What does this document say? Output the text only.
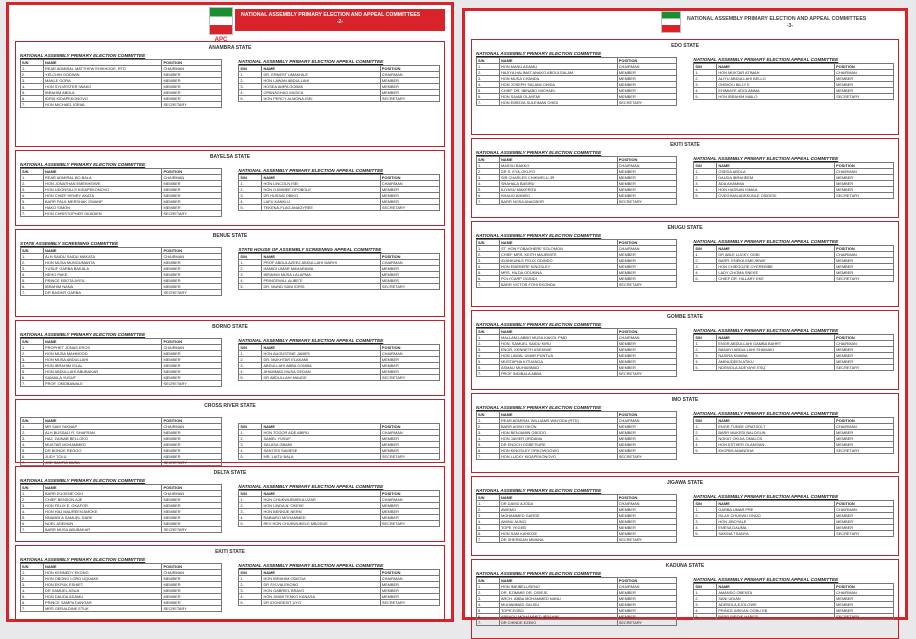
APC
NATIONAL ASSEMBLY PRIMARY ELECTION AND APPEAL COMMITTEES
-2-
ANAMBRA STATE
NATIONAL ASSEMBLY PRIMARY ELECTION COMMITTEE
S/N	NAME	POSITION
1.	REAR ADMIRAL MATTHEW EHIKHODE, RTD	CHAIRMAN
2.	YELCHIN GODWIN	MEMBER
3.	MAKLE GORA	MEMBER
4.	HON SYLVESTER IWAKO	MEMBER
5.	IBRAHIM ABDUL	MEMBER
6.	IDRIS KIDAPEKONOVO	MEMBER
7.	HON MICHAEL IDRIAL	SECRETARY
NATIONAL ASSEMBLY PRIMARY ELECTION APPEAL COMMITTEE
S/N	NAME	POSITION
1.	DR. ERNEST UMAKHILE	CHAIRMAN
2.	HON LAWAN ABDULLAHI	MEMBER
3.	HOSEA AMPA GOBAK	MEMBER
4.	OPANAGHAO MUSCA	MEMBER
5.	HON PERCY ALMONA-ISEI	SECRETARY
BAYELSA STATE
NATIONAL ASSEMBLY PRIMARY ELECTION COMMITTEE
S/N	NAME	POSITION
1.	REAR ADMIRAL BO BALA	CHAIRMAN
2.	HON JONATHAN EMEKHEIWE	MEMBER
3.	HON UDONSILLS KIDAPEKONOVO	MEMBER
4.	HON CHIEF HENRY AKATA	MEMBER
5.	BARR PAUL MERSHAK GWANP	MEMBER
6.	HAKO SIMON	MEMBER
7.	HON CHRISTOPHER OKADIEN	SECRETARY
NATIONAL ASSEMBLY PRIMARY ELECTION APPEAL COMMITTEE
S/N	NAME	POSITION
1.	HON LINCOLN ISEI	CHAIRMAN
2.	HON OJIMMEE OPOBOLE	MEMBER
3.	DR HUSSAI OBIKO	MEMBER
4.	LAFU KANKLU	MEMBER
5.	TEKENA-FLAG ANAGYREE	SECRETARY
BENUE STATE
STATE ASSEMBLY SCREENING COMMITTEE
S/N	NAME	POSITION
1.	ALH SAIDU SAIDU MAKATA	CHAIRMAN
2.	HON MUSA MUNGUMANTA	MEMBER
3.	YUSUF GARBA BAKALA	MEMBER
4.	NEHO PAKE	MEMBER
5.	PRINCE EBOTA AYEIL	MEMBER
6.	IBRAHIM NANA	MEMBER
7.	DR BASHIR GARBA	SECRETARY
STATE HOUSE OF ASSEMBLY SCREENING APPEAL COMMITTEE
S/N	NAME	POSITION
1.	PROF ABDULAZEEZ ABDULLAHI MARHI	CHAIRMAN
2.	HAMIDI UMAR MAHARAWA	MEMBER
3.	IBRAHIM MUSA LALAPMA	MEMBER
4.	PRINCEWILL ALIBETI	MEMBER
5.	DR. MUND SANI IDRIS	SECRETARY
BORNO STATE
NATIONAL ASSEMBLY PRIMARY ELECTION COMMITTEE
S/N	NAME	POSITION
1.	PROPHET JONAS EROS	CHAIRMAN
2.	HON MUSA MAHMOOD	MEMBER
3.	HON MUSA ABDULLAHI	MEMBER
4.	HON IBRAHIM ISLAL	MEMBER
5.	HON ABDULLAHI ABUBAKAR	MEMBER
6.	SAMAILA YUSUF	MEMBER
7.	PROF. OMOBAWALE	SECRETARY
NATIONAL ASSEMBLY PRIMARY ELECTION APPEAL COMMITTEE
S/N	NAME	POSITION
1.	HON AUGUSTINE JAMES	CHAIRMAN
2.	DR. MUKHTAR ELAKAMI	MEMBER
3.	ABDULLAHI ABBA GOMBA	MEMBER
4.	AHAMMAD MUSA GEDAM	MEMBER
5.	DR ABDULLAHI MAUDE	SECRETARY
CROSS RIVER STATE
S/N	NAME	POSITION
1.	MR SAM YAKNAP	CHAIRMAN
2.	ALH BUSSALI R. SHAFRAN	MEMBER
3.	HAJ. ZAINAB BELLOKO	MEMBER
4.	MUKTAR MOHAMMED	MEMBER
5.	DR BONGE REGGO	MEMBER
6.	JUDY TOLU	MEMBER
7.	JOE SANTIA MUSA	SECRETARY
S/N	NAME	POSITION
1.	HON TOGOR ADE ABIRU	CHAIRMAN
2.	SAMEL YUSUF	MEMBER
3.	SALASA GBAMI	MEMBER
4.	SANTISS SAMESE	MEMBER
5.	MR. LIATU BALA	SECRETARY
DELTA STATE
NATIONAL ASSEMBLY PRIMARY ELECTION COMMITTEE
S/N	NAME	POSITION
1.	BARR EUGENE ODO	CHAIRMAN
2.	CHIEF BENSON AJE	MEMBER
3.	HON FELIX E. OKAFOR	MEMBER
4.	HON HAJ MAUREEN AMOKE	MEMBER
5.	NNAMDI A SAMUEL DARE	MEMBER
6.	NOEL ADEMUN	MEMBER
7.	BARR MUSA ABUBAKAR	SECRETARY
NATIONAL ASSEMBLY PRIMARY ELECTION APPEAL COMMITTEE
S/N	NAME	POSITION
1.	HON CHUKWUEMEKA UZAR	CHAIRMAN
2.	HON LINDA N. OKEKE	MEMBER
3.	HON BENNUE NERN	MEMBER
4.	RABIARO MOHAMMED	MEMBER
5.	REV HON CHUKWUKELE MBODUE	SECRETARY
EKITI STATE
NATIONAL ASSEMBLY PRIMARY ELECTION COMMITTEE
S/N	NAME	POSITION
1.	HON KENNEDY EKONG	CHAIRMAN
2.	HON OBONG LORD UQUAKE	MEMBER
3.	HON EKPUK ESHIET	MEMBER
4.	DR SAMUEL ASUA	MEMBER
5.	HON DAUDA ADAMU	MEMBER
6.	PRINCE SAMPA DANGAR	MEMBER
7.	MRS GERALDINE ETUK	SECRETARY
NATIONAL ASSEMBLY PRIMARY ELECTION APPEAL COMMITTEE
S/N	NAME	POSITION
1.	HON IBRAHIM ODIEGA	CHAIRMAN
2.	DR SYLVIA EKONG	MEMBER
3.	HON GABRIEL BRAVO	MEMBER
4.	HON JIMMI TENKO KANASA	MEMBER
5.	DR IDONGESIT UYO	SECRETARY
NATIONAL ASSEMBLY PRIMARY ELECTION AND APPEAL COMMITTEES
-3-
EDO STATE
NATIONAL ASSEMBLY PRIMARY ELECTION COMMITTEE
S/N	NAME	POSITION
1.	HON MANU ADAMU	CHAIRMAN
2.	HAJIYA HALIMAT ANAKO ABDULSALAM	MEMBER
3.	HON MUSA CHANDA	MEMBER
4.	HON JOSEPH SALAMI OHIDA	MEMBER
5.	CHIEF DR. IBINABO MICHAEL	MEMBER
6.	HON SAIAB OLAYEMI	MEMBER
7.	HON EMEDIA SULEIMAN OHIDI	SECRETARY
NATIONAL ASSEMBLY PRIMARY ELECTION APPEAL COMMITTEE
S/N	NAME	POSITION
1.	HON MUKTAR ATIMAH	CHAIRMAN
2.	ALIYU ABDULLAHI BELLO	MEMBER
3.	OHIMOLI BILLY E	MEMBER
4.	EHIMIAYE ADOLAMMA	MEMBER
5.	HON IBRAHIM MAILO	SECRETARY
EKITI STATE
NATIONAL ASSEMBLY PRIMARY ELECTION COMMITTEE
S/N	NAME	POSITION
1.	MASSU BAKKO	CHAIRMAN
2.	DR S. EYA-OKUYO	MEMBER
3.	SIR CHARLES CHIKWELU JR	MEMBER
4.	SHAHALA BASIRU	MEMBER
5.	ILIYASU MAKERITA	MEMBER
6.	KHALID AHMED	MEMBER
7.	BARR NOSA ANAGBOR	SECRETARY
NATIONAL ASSEMBLY PRIMARY ELECTION APPEAL COMMITTEE
S/N	NAME	POSITION
1.	OSEDA ABOLA	CHAIRMAN
2.	DAUDA IBRAHEEM	MEMBER
3.	ADA AHAMMA	MEMBER
4.	HON HASSAN ISMAIL	MEMBER
5.	OVEGHAN ADEKUNLE OSIDESI	SECRETARY
ENUGU STATE
NATIONAL ASSEMBLY PRIMARY ELECTION COMMITTEE
S/N	NAME	POSITION
1.	ST. HON FOBAGHERE SOLOMON	CHAIRMAN
2.	CHIEF MRS. KEITH MAJEMITE	MEMBER
3.	AYANKUNLE FELIX ODINDO	MEMBER
4.	HON EMEBERE KINGSLEY	MEMBER
5.	MRS. HILDA ODUKINA	MEMBER
6.	POLYCARP OGINDI	MEMBER
7.	BARR VICTOR FOHI EKONDA	SECRETARY
NATIONAL ASSEMBLY PRIMARY ELECTION APPEAL COMMITTEE
S/N	NAME	POSITION
1.	DR ABLE LUCKY OGBI	CHAIRMAN
2.	BARR. ENEKA EMEJIKWE	MEMBER
3.	HON CHIEGOZIE OYEREBIBE	MEMBER
4.	LADY CHOMA SNEKE	MEMBER
5.	CHIEF DR. HILLARY EKE	SECRETARY
GOMBE STATE
NATIONAL ASSEMBLY PRIMARY ELECTION COMMITTEE
S/N	NAME	POSITION
1.	MALLAM LABBO MUSA KAKOL PMD	CHAIRMAN
2.	HON. SAMUEL SAIDU KIRU	MEMBER
3.	ENGR. KENNETH ASEKIWE	MEMBER
4.	HON LAWAL UMAR PUNTUA	MEMBER
5.	MUSTAPHA KITUANGA	MEMBER
6.	ASMAU MUHAMMAD	MEMBER
7.	PROF INDIBALA ABBA	SECRETARY
NATIONAL ASSEMBLY PRIMARY ELECTION APPEAL COMMITTEE
S/N	NAME	POSITION
1.	ENGR ABDULLAHI GAMBA BAHRT	CHAIRMAN
2.	BAMAYI ABDULLAHI SHAMAKI	MEMBER
3.	NASIRA KWABA	MEMBER
4.	AMINUDEEN ATIKU	MEMBER
5.	NDEMOLA ADEYAYE ESQ	SECRETARY
IMO STATE
NATIONAL ASSEMBLY PRIMARY ELECTION COMMITTEE
S/N	NAME	POSITION
1.	REAR ADMIRAL WILLIAMS WAYODA (RTD)	CHAIRMAN
2.	BARR AGBO OKON	MEMBER
3.	HON BENJAMIN OBODO	MEMBER
4.	HON JAVIER ORDAMA	MEMBER
5.	DR ENOCH OGBETIURE	MEMBER
6.	HON KINGSLEY ORKOWOOWO	MEMBER
7.	HON LUCKY KIDAPEKONOVO	SECRETARY
NATIONAL ASSEMBLY PRIMARY ELECTION APPEAL COMMITTEE
S/N	NAME	POSITION
1.	ENGR TUNDE ORATSOLT	CHAIRMAN
2.	BARR MUKEDI BALOGUN	MEMBER
3.	NGKAT OKIJIA OMALOS	MEMBER
4.	HON ESTHER OLANIYAN	MEMBER
5.	IDIORIM ANANGHA	SECRETARY
JIGAWA STATE
NATIONAL ASSEMBLY PRIMARY ELECTION COMMITTEE
S/N	NAME	POSITION
1.	DR DAVID AJODA	CHAIRMAN
2.	AWEMO	MEMBER
3.	MOHAMMED GARGE	MEMBER
4.	AMINU AUNCI	MEMBER
5.	TOPE YEGEB	MEMBER
6.	HON SAM KAHIDZE	MEMBER
7.	DR SHERIDAN MWANA	SECRETARY
NATIONAL ASSEMBLY PRIMARY ELECTION APPEAL COMMITTEE
S/N	NAME	POSITION
1.	GARBA UMAR PRE	CHAIRMAN
2.	ISLAS CHUKWU ONUO	MEMBER
3.	HON JIBOYALE	MEMBER
4.	ENESA DAUMA	MEMBER
5.	SAKINA TSANYA	SECRETARY
KADUNA STATE
NATIONAL ASSEMBLY PRIMARY ELECTION COMMITTEE
S/N	NAME	POSITION
1.	HON IMEIBELUSENO	CHAIRMAN
2.	DR. EZIMMIE DR. OSIEJE	MEMBER
3.	ARCH. ABBA MOHAMMED NANU	MEMBER
4.	MUHAMMAD SALISU	MEMBER
5.	TOPE EGBO	MEMBER
6.	ABBADU MOHAMMED IBRAHIM	MEMBER
7.	DR CHINDE EZEIKI	SECRETARY
NATIONAL ASSEMBLY PRIMARY ELECTION APPEAL COMMITTEE
S/N	NAME	POSITION
1.	AMANDO OBENTA	CHAIRMAN
2.	SANI UDIAN	MEMBER
3.	ADEBOLA EJOLOWE	MEMBER
4.	PRINCE ARIKAN OGBU EB	MEMBER
5.	BARR BIRDIE HABESI	SECRETARY
